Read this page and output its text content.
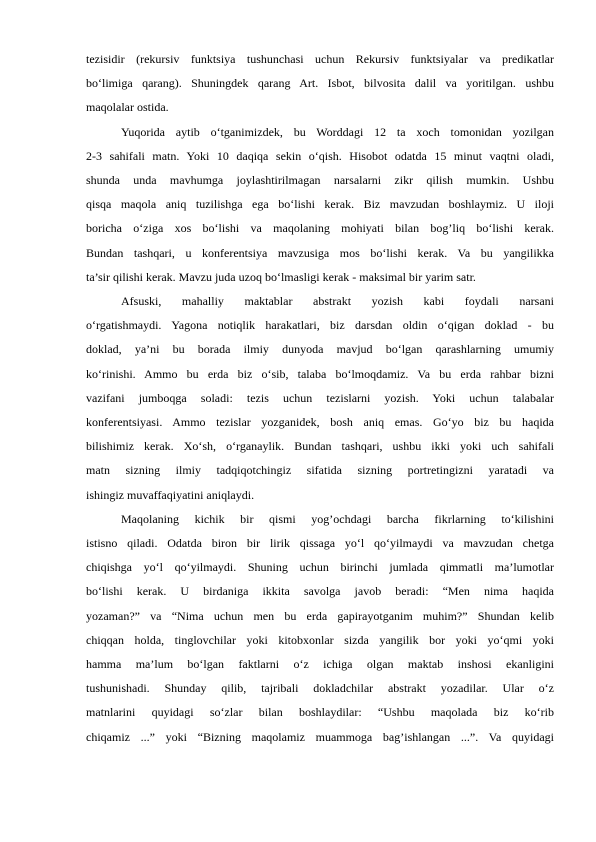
tezisidir (rekursiv funktsiya tushunchasi uchun Rekursiv funktsiyalar va predikatlar
bo‘limiga qarang). Shuningdek qarang Art. Isbot, bilvosita dalil va yoritilgan. ushbu
maqolalar ostida.
Yuqorida aytib o‘tganimizdek, bu Worddagi 12 ta xoch tomonidan yozilgan
2-3 sahifali matn. Yoki 10 daqiqa sekin o‘qish. Hisobot odatda 15 minut vaqtni oladi,
shunda unda mavhumga joylashtirilmagan narsalarni zikr qilish mumkin. Ushbu
qisqa maqola aniq tuzilishga ega bo‘lishi kerak. Biz mavzudan boshlaymiz. U iloji
boricha o‘ziga xos bo‘lishi va maqolaning mohiyati bilan bog’liq bo‘lishi kerak.
Bundan tashqari, u konferentsiya mavzusiga mos bo‘lishi kerak. Va bu yangilikka
ta’sir qilishi kerak. Mavzu juda uzoq bo‘lmasligi kerak - maksimal bir yarim satr.
Afsuski, mahalliy maktablar abstrakt yozish kabi foydali narsani
o‘rgatishmaydi. Yagona notiqlik harakatlari, biz darsdan oldin o‘qigan doklad - bu
doklad, ya’ni bu borada ilmiy dunyoda mavjud bo‘lgan qarashlarning umumiy
ko‘rinishi. Ammo bu erda biz o‘sib, talaba bo‘lmoqdamiz. Va bu erda rahbar bizni
vazifani jumboqga soladi: tezis uchun tezislarni yozish. Yoki uchun talabalar
konferentsiyasi. Ammo tezislar yozganidek, bosh aniq emas. Go‘yo biz bu haqida
bilishimiz kerak. Xo‘sh, o‘rganaylik. Bundan tashqari, ushbu ikki yoki uch sahifali
matn sizning ilmiy tadqiqotchingiz sifatida sizning portretingizni yaratadi va
ishingiz muvaffaqiyatini aniqlaydi.
Maqolaning kichik bir qismi yog’ochdagi barcha fikrlarning to‘kilishini
istisno qiladi. Odatda biron bir lirik qissaga yo‘l qo‘yilmaydi va mavzudan chetga
chiqishga yo‘l qo‘yilmaydi. Shuning uchun birinchi jumlada qimmatli ma’lumotlar
bo‘lishi kerak. U birdaniga ikkita savolga javob beradi: “Men nima haqida
yozaman?” va “Nima uchun men bu erda gapirayotganim muhim?” Shundan kelib
chiqqan holda, tinglovchilar yoki kitobxonlar sizda yangilik bor yoki yo‘qmi yoki
hamma ma’lum bo‘lgan faktlarni o‘z ichiga olgan maktab inshosi ekanligini
tushunishadi. Shunday qilib, tajribali dokladchilar abstrakt yozadilar. Ular o‘z
matnlarini quyidagi so‘zlar bilan boshlaydilar: “Ushbu maqolada biz ko‘rib
chiqamiz ...” yoki “Bizning maqolamiz muammoga bag’ishlangan ...”. Va quyidagi
